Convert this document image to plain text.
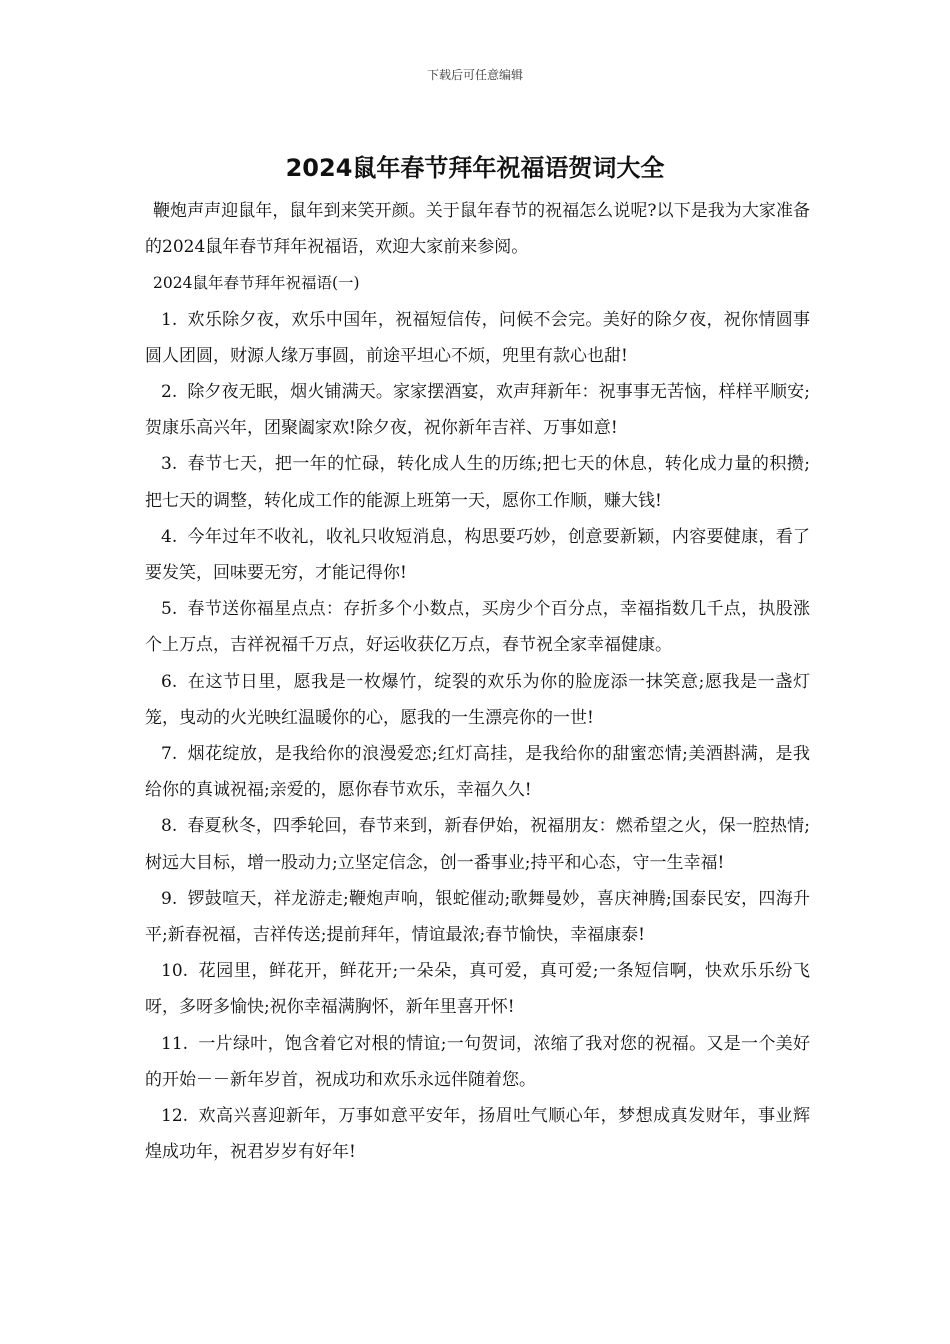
下载后可任意编辑
2024鼠年春节拜年祝福语贺词大全

鞭炮声声迎鼠年，鼠年到来笑开颜。关于鼠年春节的祝福怎么说呢?以下是我为大家准备的2024鼠年春节拜年祝福语，欢迎大家前来参阅。

2024鼠年春节拜年祝福语(一)

1. 欢乐除夕夜，欢乐中国年，祝福短信传，问候不会完。美好的除夕夜，祝你情圆事圆人团圆，财源人缘万事圆，前途平坦心不烦，兜里有款心也甜!

2. 除夕夜无眠，烟火铺满天。家家摆酒宴，欢声拜新年：祝事事无苦恼，样样平顺安;贺康乐高兴年，团聚阖家欢!除夕夜，祝你新年吉祥、万事如意!

3. 春节七天，把一年的忙碌，转化成人生的历练;把七天的休息，转化成力量的积攒;把七天的调整，转化成工作的能源上班第一天，愿你工作顺，赚大钱!

4. 今年过年不收礼，收礼只收短消息，构思要巧妙，创意要新颖，内容要健康，看了要发笑，回味要无穷，才能记得你!

5. 春节送你福星点点：存折多个小数点，买房少个百分点，幸福指数几千点，执股涨个上万点，吉祥祝福千万点，好运收获亿万点，春节祝全家幸福健康。

6. 在这节日里，愿我是一枚爆竹，绽裂的欢乐为你的脸庞添一抹笑意;愿我是一盏灯笼，曳动的火光映红温暖你的心，愿我的一生漂亮你的一世!

7. 烟花绽放，是我给你的浪漫爱恋;红灯高挂，是我给你的甜蜜恋情;美酒斟满，是我给你的真诚祝福;亲爱的，愿你春节欢乐，幸福久久!

8. 春夏秋冬，四季轮回，春节来到，新春伊始，祝福朋友：燃希望之火，保一腔热情;树远大目标，增一股动力;立坚定信念，创一番事业;持平和心态，守一生幸福!

9. 锣鼓喧天，祥龙游走;鞭炮声响，银蛇催动;歌舞曼妙，喜庆神腾;国泰民安，四海升平;新春祝福，吉祥传送;提前拜年，情谊最浓;春节愉快，幸福康泰!

10. 花园里，鲜花开，鲜花开;一朵朵，真可爱，真可爱;一条短信啊，快欢乐乐纷飞呀，多呀多愉快;祝你幸福满胸怀，新年里喜开怀!

11. 一片绿叶，饱含着它对根的情谊;一句贺词，浓缩了我对您的祝福。又是一个美好的开始－－新年岁首，祝成功和欢乐永远伴随着您。

12. 欢高兴喜迎新年，万事如意平安年，扬眉吐气顺心年，梦想成真发财年，事业辉煌成功年，祝君岁岁有好年!
